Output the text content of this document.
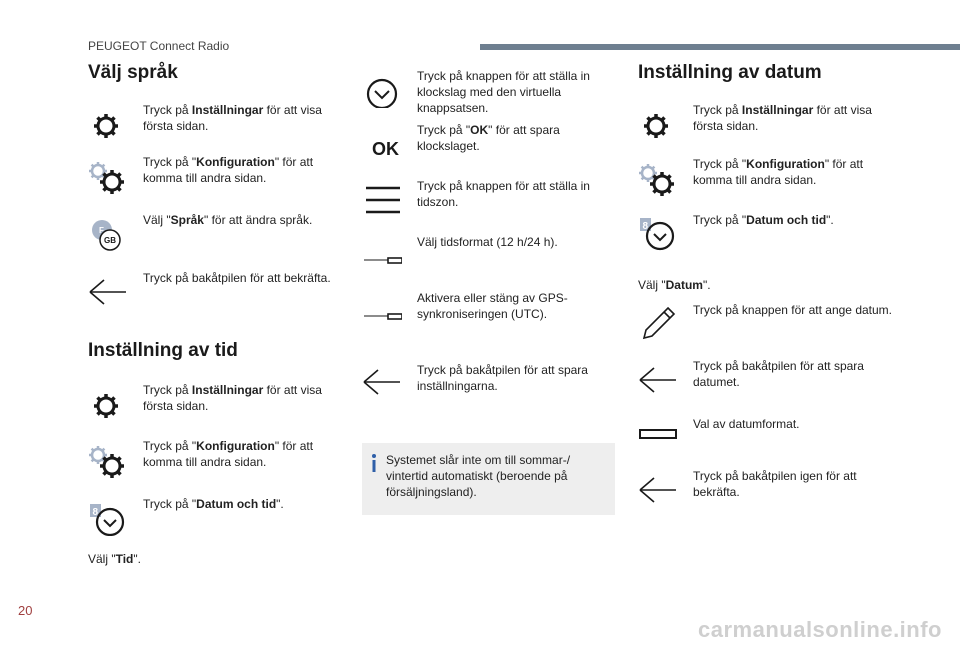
PEUGEOT Connect Radio
20
carmanualsonline.info
Välj språk
Tryck på Inställningar för att visa första sidan.
Tryck på "Konfiguration" för att komma till andra sidan.
F
GB
Välj "Språk" för att ändra språk.
Tryck på bakåtpilen för att bekräfta.
Inställning av tid
Tryck på Inställningar för att visa första sidan.
Tryck på "Konfiguration" för att komma till andra sidan.
8
Tryck på "Datum och tid".
Välj "Tid".
Tryck på knappen för att ställa in klockslag med den virtuella knappsatsen.
OK
Tryck på "OK" för att spara klockslaget.
Tryck på knappen för att ställa in tidszon.
Välj tidsformat (12 h/24 h).
Aktivera eller stäng av GPS-synkroniseringen (UTC).
Tryck på bakåtpilen för att spara inställningarna.
Systemet slår inte om till sommar-/ vintertid automatiskt (beroende på försäljningsland).
Inställning av datum
Tryck på Inställningar för att visa första sidan.
Tryck på "Konfiguration" för att komma till andra sidan.
8	Tryck på "Datum och tid".
Välj "Datum".
Tryck på knappen för att ange datum.
Tryck på bakåtpilen för att spara datumet.
Val av datumformat.
Tryck på bakåtpilen igen för att bekräfta.
